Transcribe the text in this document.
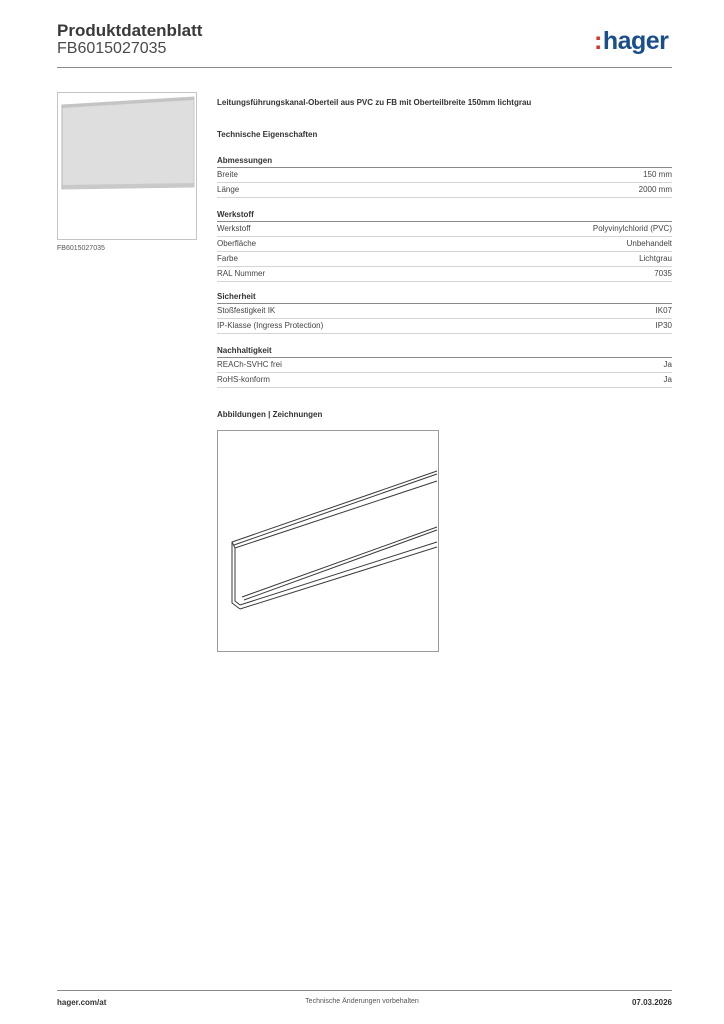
Produktdatenblatt
FB6015027035	:hager
FB6015027035
Leitungsführungskanal-Oberteil aus PVC zu FB mit Oberteilbreite 150mm lichtgrau
Technische Eigenschaften
Abmessungen
Breite	150 mm
Länge	2000 mm
Werkstoff
Werkstoff	Polyvinylchlorid (PVC)
Oberfläche	Unbehandelt
Farbe	Lichtgrau
RAL Nummer	7035
Sicherheit
Stoßfestigkeit IK	IK07
IP-Klasse (Ingress Protection)	IP30
Nachhaltigkeit
REACh-SVHC frei	Ja
RoHS-konform	Ja
Abbildungen | Zeichnungen
hager.com/at	Technische Änderungen vorbehalten	07.03.2026
